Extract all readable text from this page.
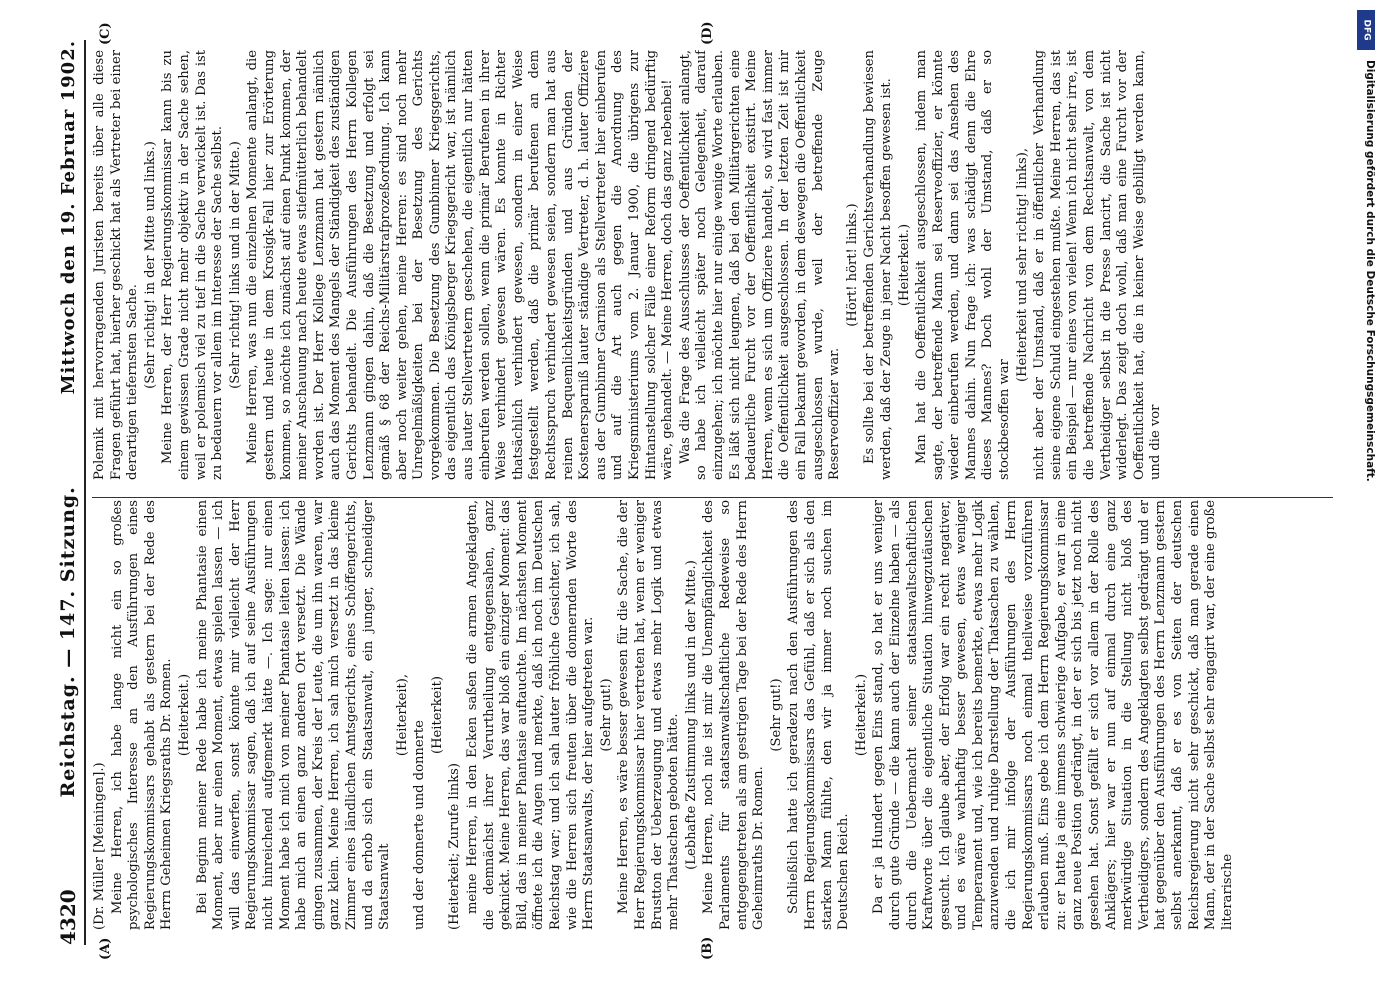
4320
Reichstag. — 147. Sitzung.
Mittwoch den 19. Februar 1902.
(A)	(B)
(C)	(D)

(Dr. Müller [Meiningen].) Meine Herren, ich habe lange nicht ein so großes psychologisches Interesse an den Ausführungen eines Regierungskommissars gehabt als gestern bei der Rede des Herrn Geheimen Kriegsraths Dr. Romen. (Heiterkeit.) Bei Beginn meiner Rede habe ich meine Phantasie einen Moment, aber nur einen Moment, etwas spielen lassen — ich will das einwerfen, sonst könnte mir vielleicht der Herr Regierungskommissar sagen, daß ich auf seine Ausführungen nicht hinreichend aufgemerkt hätte —. Ich sage: nur einen Moment habe ich mich von meiner Phantasie leiten lassen: ich habe mich an einen ganz anderen Ort versetzt. Die Wände gingen zusammen, der Kreis der Leute, die um ihn waren, war ganz klein. Meine Herren, ich sah mich versetzt in das kleine Zimmer eines ländlichen Amtsgerichts, eines Schöffengerichts, und da erhob sich ein Staatsanwalt, ein junger, schneidiger Staatsanwalt

(Heiterkeit),

und der donnerte und donnerte

(Heiterkeit)

(Heiterkeit; Zurufe links) meine Herren, in den Ecken saßen die armen Angeklagten, die demnächst ihrer Verurtheilung entgegensahen, ganz geknickt. Meine Herren, das war bloß ein einziger Moment: das Bild, das in meiner Phantasie auftauchte. Im nächsten Moment öffnete ich die Augen und merkte, daß ich noch im Deutschen Reichstag war; und ich sah lauter fröhliche Gesichter, ich sah, wie die Herren sich freuten über die donnernden Worte des Herrn Staatsanwalts, der hier aufgetreten war. (Sehr gut!) Meine Herren, es wäre besser gewesen für die Sache, die der Herr Regierungskommissar hier vertreten hat, wenn er weniger Brustton der Ueberzeugung und etwas mehr Logik und etwas mehr Thatsachen geboten hätte. (Lebhafte Zustimmung links und in der Mitte.) Meine Herren, noch nie ist mir die Unempfänglichkeit des Parlaments für staatsanwaltschaftliche Redeweise so entgegengetreten als am gestrigen Tage bei der Rede des Herrn Geheimraths Dr. Romen.

(Sehr gut!) Schließlich hatte ich geradezu nach den Ausführungen des Herrn Regierungskommissars das Gefühl, daß er sich als den starken Mann fühlte, den wir ja immer noch suchen im Deutschen Reich.

(Heiterkeit.) Da er ja Hundert gegen Eins stand, so hat er uns weniger durch gute Gründe — die kann auch der Einzelne haben — als durch die Uebermacht seiner staatsanwaltschaftlichen Kraftworte über die eigentliche Situation hinwegzutäuschen gesucht. Ich glaube aber, der Erfolg war ein recht negativer, und es wäre wahrhaftig besser gewesen, etwas weniger Temperament und, wie ich bereits bemerkte, etwas mehr Logik anzuwenden und ruhige Darstellung der Thatsachen zu wählen, die ich mir infolge der Ausführungen des Herrn Regierungskommissars noch einmal theilweise vorzuführen erlauben muß. Eins gebe ich dem Herrn Regierungskommissar zu: er hatte ja eine immens schwierige Aufgabe, er war in eine ganz neue Position gedrängt, in der er sich bis jetzt noch nicht gesehen hat. Sonst gefällt er sich vor allem in der Rolle des Anklägers; hier war er nun auf einmal durch eine ganz merkwürdige Situation in die Stellung nicht bloß des Vertheidigers, sondern des Angeklagten selbst gedrängt und er hat gegenüber den Ausführungen des Herrn Lenzmann gestern selbst anerkannt, daß er es von Seiten der deutschen Reichsregierung nicht sehr geschickt, daß man gerade einen Mann, der in der Sache selbst sehr engagirt war, der eine große literarische

Polemik mit hervorragenden Juristen bereits über alle diese Fragen geführt hat, hierher geschickt hat als Vertreter bei einer derartigen tiefernsten Sache. (Sehr richtig! in der Mitte und links.) Meine Herren, der Herr Regierungskommissar kann bis zu einem gewissen Grade nicht mehr objektiv in der Sache sehen, weil er polemisch viel zu tief in die Sache verwickelt ist. Das ist zu bedauern vor allem im Interesse der Sache selbst. (Sehr richtig! links und in der Mitte.) Meine Herren, was nun die einzelnen Momente anlangt, die gestern und heute in dem Krosigk-Fall hier zur Erörterung kommen, so möchte ich zunächst auf einen Punkt kommen, der meiner Anschauung nach heute etwas stiefmütterlich behandelt worden ist. Der Herr Kollege Lenzmann hat gestern nämlich auch das Moment des Mangels der Ständigkeit des zuständigen Gerichts behandelt. Die Ausführungen des Herrn Kollegen Lenzmann gingen dahin, daß die Besetzung und erfolgt sei gemäß § 68 der Reichs-Militärstrafprozeßordnung. Ich kann aber noch weiter gehen, meine Herren: es sind noch mehr Unregelmäßigkeiten bei der Besetzung des Gerichts vorgekommen. Die Besetzung des Gumbinner Kriegsgerichts, das eigentlich das Königsberger Kriegsgericht war, ist nämlich aus lauter Stellvertretern geschehen, die eigentlich nur hätten einberufen werden sollen, wenn die primär Berufenen in ihrer Weise verhindert gewesen wären. Es konnte in Richter thatsächlich verhindert gewesen, sondern in einer Weise festgestellt werden, daß die primär berufenen an dem Rechtsspruch verhindert gewesen seien, sondern man hat aus reinen Bequemlichkeitsgründen und aus Gründen der Kostenersparniß lauter ständige Vertreter, d. h. lauter Offiziere aus der Gumbinner Garnison als Stellvertreter hier einberufen und auf die Art auch gegen die Anordnung des Kriegsministeriums vom 2. Januar 1900, die übrigens zur Hintanstellung solcher Fälle einer Reform dringend bedürftig wäre, gehandelt. — Meine Herren, doch das ganz nebenbei! Was die Frage des Ausschlusses der Oeffentlichkeit anlangt, so habe ich vielleicht später noch Gelegenheit, darauf einzugehen; ich möchte hier nur einige wenige Worte erlauben. Es läßt sich nicht leugnen, daß bei den Militärgerichten eine bedauerliche Furcht vor der Oeffentlichkeit existirt. Meine Herren, wenn es sich um Offiziere handelt, so wird fast immer die Oeffentlichkeit ausgeschlossen. In der letzten Zeit ist mir ein Fall bekannt geworden, in dem deswegen die Oeffentlichkeit ausgeschlossen wurde, weil der betreffende Zeuge Reserveoffizier war.

(Hört! hört! links.) Es sollte bei der betreffenden Gerichtsverhandlung bewiesen werden, daß der Zeuge in jener Nacht besoffen gewesen ist. (Heiterkeit.) Man hat die Oeffentlichkeit ausgeschlossen, indem man sagte, der betreffende Mann sei Reserveoffizier, er könnte wieder einberufen werden, und dann sei das Ansehen des Mannes dahin. Nun frage ich: was schädigt denn die Ehre dieses Mannes? Doch wohl der Umstand, daß er so stockbesoffen war

(Heiterkeit und sehr richtig! links), nicht aber der Umstand, daß er in öffentlicher Verhandlung seine eigene Schuld eingestehen mußte. Meine Herren, das ist ein Beispiel — nur eines von vielen! Wenn ich nicht sehr irre, ist die betreffende Nachricht von dem Rechtsanwalt, von dem Vertheidiger selbst in die Presse lancirt, die Sache ist nicht widerlegt. Das zeigt doch wohl, daß man eine Furcht vor der Oeffentlichkeit hat, die in keiner Weise gebilligt werden kann, und die vor

DFG
Digitalisierung gefördert durch die Deutsche Forschungsgemeinschaft.
